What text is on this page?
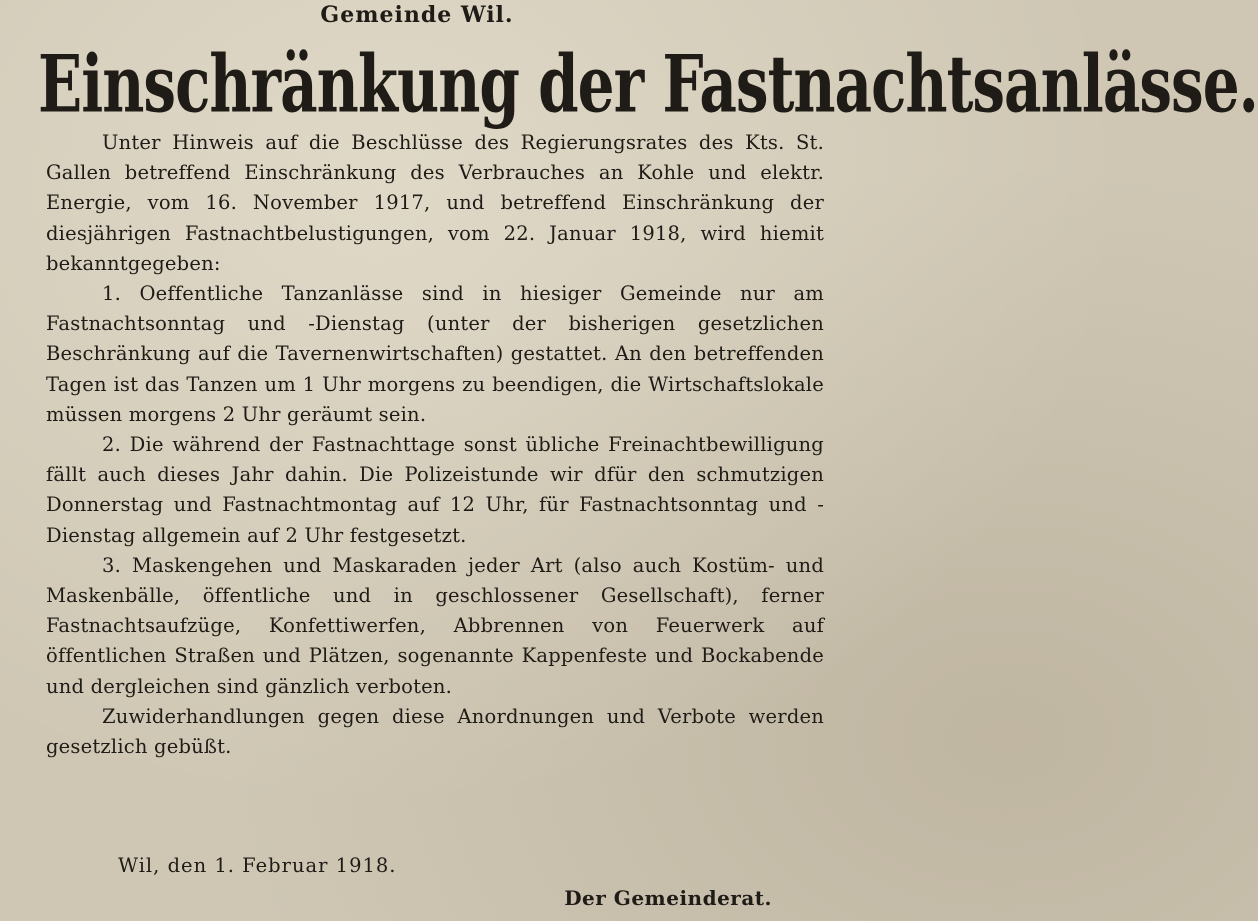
Gemeinde Wil.
Einschränkung der Fastnachtsanlässe.

Unter Hinweis auf die Beschlüsse des Regierungsrates des Kts. St. Gallen betreffend Einschränkung des Verbrauches an Kohle und elektr. Energie, vom 16. November 1917, und betreffend Einschränkung der diesjährigen Fastnachtbelustigungen, vom 22. Januar 1918, wird hiemit bekanntgegeben:

1. Oeffentliche Tanzanlässe sind in hiesiger Gemeinde nur am Fastnachtsonntag und -Dienstag (unter der bisherigen gesetzlichen Beschränkung auf die Tavernenwirtschaften) gestattet. An den betreffenden Tagen ist das Tanzen um 1 Uhr morgens zu beendigen, die Wirtschaftslokale müssen morgens 2 Uhr geräumt sein.

2. Die während der Fastnachttage sonst übliche Freinachtbewilligung fällt auch dieses Jahr dahin. Die Polizeistunde wir dfür den schmutzigen Donnerstag und Fastnachtmontag auf 12 Uhr, für Fastnachtsonntag und -Dienstag allgemein auf 2 Uhr festgesetzt.

3. Maskengehen und Maskaraden jeder Art (also auch Kostüm- und Maskenbälle, öffentliche und in geschlossener Gesellschaft), ferner Fastnachtsaufzüge, Konfettiwerfen, Abbrennen von Feuerwerk auf öffentlichen Straßen und Plätzen, sogenannte Kappenfeste und Bockabende und dergleichen sind gänzlich verboten.

Zuwiderhandlungen gegen diese Anordnungen und Verbote werden gesetzlich gebüßt.

Wil, den 1. Februar 1918.
Der Gemeinderat.
